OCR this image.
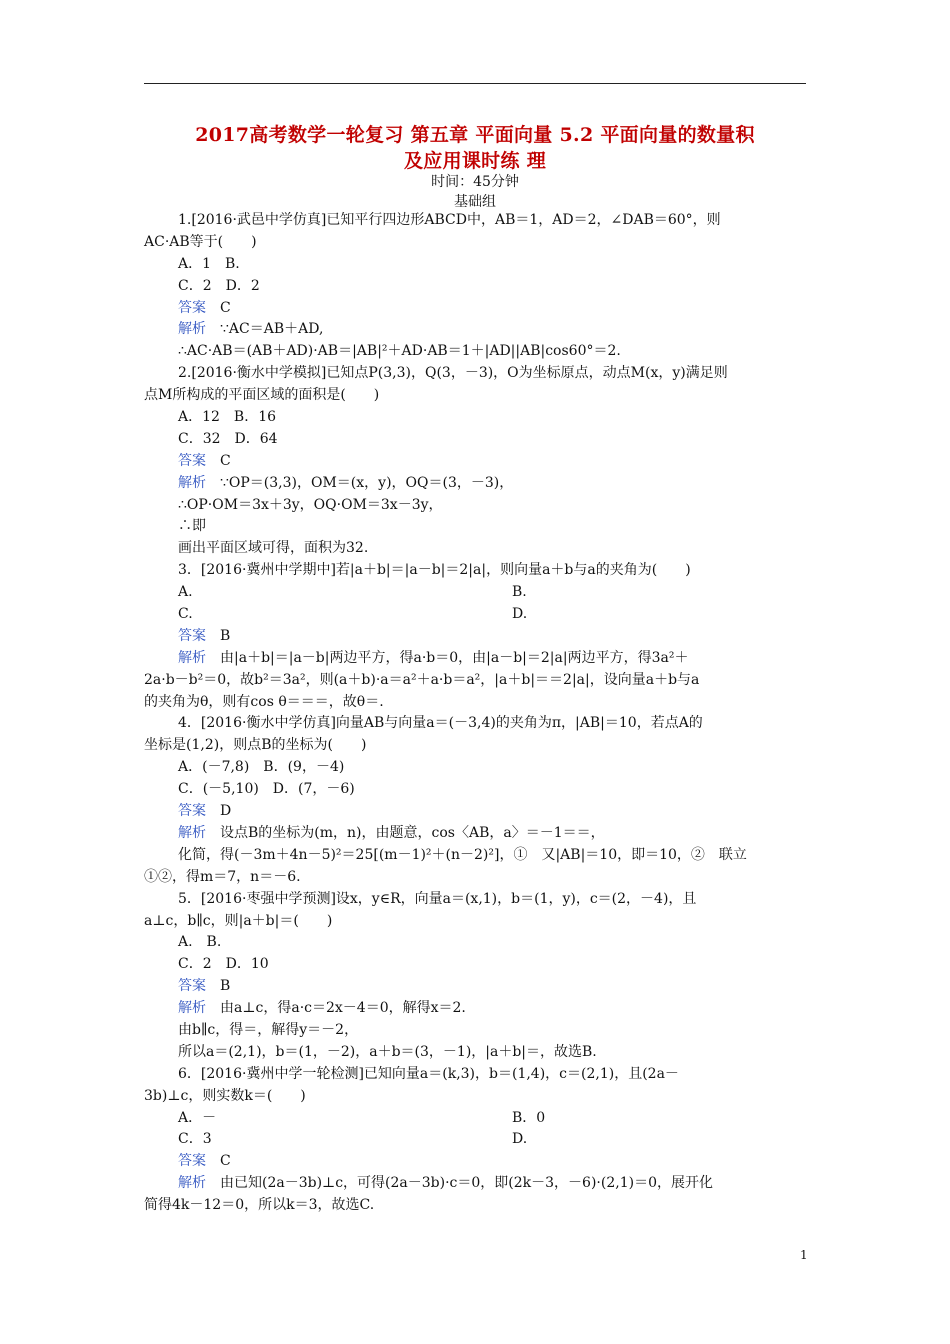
2017高考数学一轮复习 第五章 平面向量 5.2 平面向量的数量积
及应用课时练 理
时间：45分钟
基础组
1.[2016·武邑中学仿真]已知平行四边形ABCD中，AB＝1，AD＝2，∠DAB＝60°，则
AC·AB等于(　　)
A．1　B.
C．2　D．2
答案 C
解析 ∵AC＝AB＋AD,
∴AC·AB＝(AB＋AD)·AB＝|AB|²＋AD·AB＝1＋|AD||AB|cos60°＝2.
2.[2016·衡水中学模拟]已知点P(3,3)，Q(3，－3)，O为坐标原点，动点M(x，y)满足则
点M所构成的平面区域的面积是(　　)
A．12　B．16
C．32　D．64
答案 C
解析 ∵OP＝(3,3)，OM＝(x，y)，OQ＝(3，－3)，
∴OP·OM＝3x＋3y，OQ·OM＝3x－3y，
∴即
画出平面区域可得，面积为32.
3．[2016·冀州中学期中]若|a＋b|＝|a－b|＝2|a|，则向量a＋b与a的夹角为(　　)
A.	B.
C.	D.
答案 B
解析 由|a＋b|＝|a－b|两边平方，得a·b＝0，由|a－b|＝2|a|两边平方，得3a²＋
2a·b－b²＝0，故b²＝3a²，则(a＋b)·a＝a²＋a·b＝a²，|a＋b|＝＝2|a|，设向量a＋b与a
的夹角为θ，则有cos θ＝＝＝，故θ＝.
4．[2016·衡水中学仿真]向量AB与向量a＝(－3,4)的夹角为π，|AB|＝10，若点A的
坐标是(1,2)，则点B的坐标为(　　)
A．(－7,8)　B．(9，－4)
C．(－5,10)　D．(7，－6)
答案 D
解析 设点B的坐标为(m，n)，由题意，cos〈AB，a〉＝－1＝＝，
化简，得(－3m＋4n－5)²＝25[(m－1)²＋(n－2)²]，①　又|AB|＝10，即＝10，②　联立
①②，得m＝7，n＝－6.
5．[2016·枣强中学预测]设x，y∈R，向量a＝(x,1)，b＝(1，y)，c＝(2，－4)，且
a⊥c，b∥c，则|a＋b|＝(　　)
A.　B.
C．2　D．10
答案 B
解析 由a⊥c，得a·c＝2x－4＝0，解得x＝2.
由b∥c，得＝，解得y＝－2，
所以a＝(2,1)，b＝(1，－2)，a＋b＝(3，－1)，|a＋b|＝，故选B.
6．[2016·冀州中学一轮检测]已知向量a＝(k,3)，b＝(1,4)，c＝(2,1)，且(2a－
3b)⊥c，则实数k＝(　　)
A．－	B．0
C．3	D.
答案 C
解析 由已知(2a－3b)⊥c，可得(2a－3b)·c＝0，即(2k－3，－6)·(2,1)＝0，展开化
简得4k－12＝0，所以k＝3，故选C.
1
